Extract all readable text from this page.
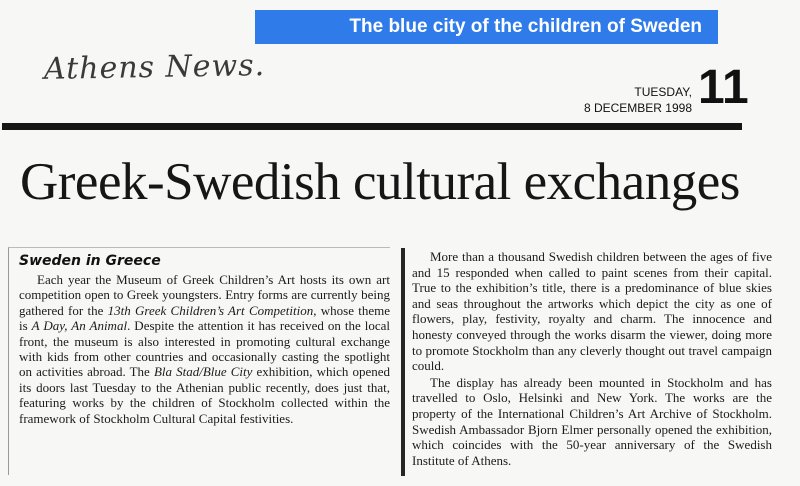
Athens News.
The blue city of the children of Sweden
TUESDAY,
8 DECEMBER 1998 11
Greek-Swedish cultural exchanges
Sweden in Greece

Each year the Museum of Greek Children’s Art hosts its own art competition open to Greek youngsters. Entry forms are currently being gathered for the 13th Greek Children’s Art Competition, whose theme is A Day, An Animal. Despite the attention it has received on the local front, the museum is also interested in promoting cultural exchange with kids from other countries and occasionally casting the spotlight on activities abroad. The Bla Stad/Blue City exhibition, which opened its doors last Tuesday to the Athenian public recently, does just that, featuring works by the children of Stockholm collected within the framework of Stockholm Cultural Capital festivities.

More than a thousand Swedish children between the ages of five and 15 responded when called to paint scenes from their capital. True to the exhibition’s title, there is a predominance of blue skies and seas throughout the artworks which depict the city as one of flowers, play, festivity, royalty and charm. The innocence and honesty conveyed through the works disarm the viewer, doing more to promote Stockholm than any cleverly thought out travel campaign could.

The display has already been mounted in Stockholm and has travelled to Oslo, Helsinki and New York. The works are the property of the International Children’s Art Archive of Stockholm. Swedish Ambassador Bjorn Elmer personally opened the exhibition, which coincides with the 50-year anniversary of the Swedish Institute of Athens.
